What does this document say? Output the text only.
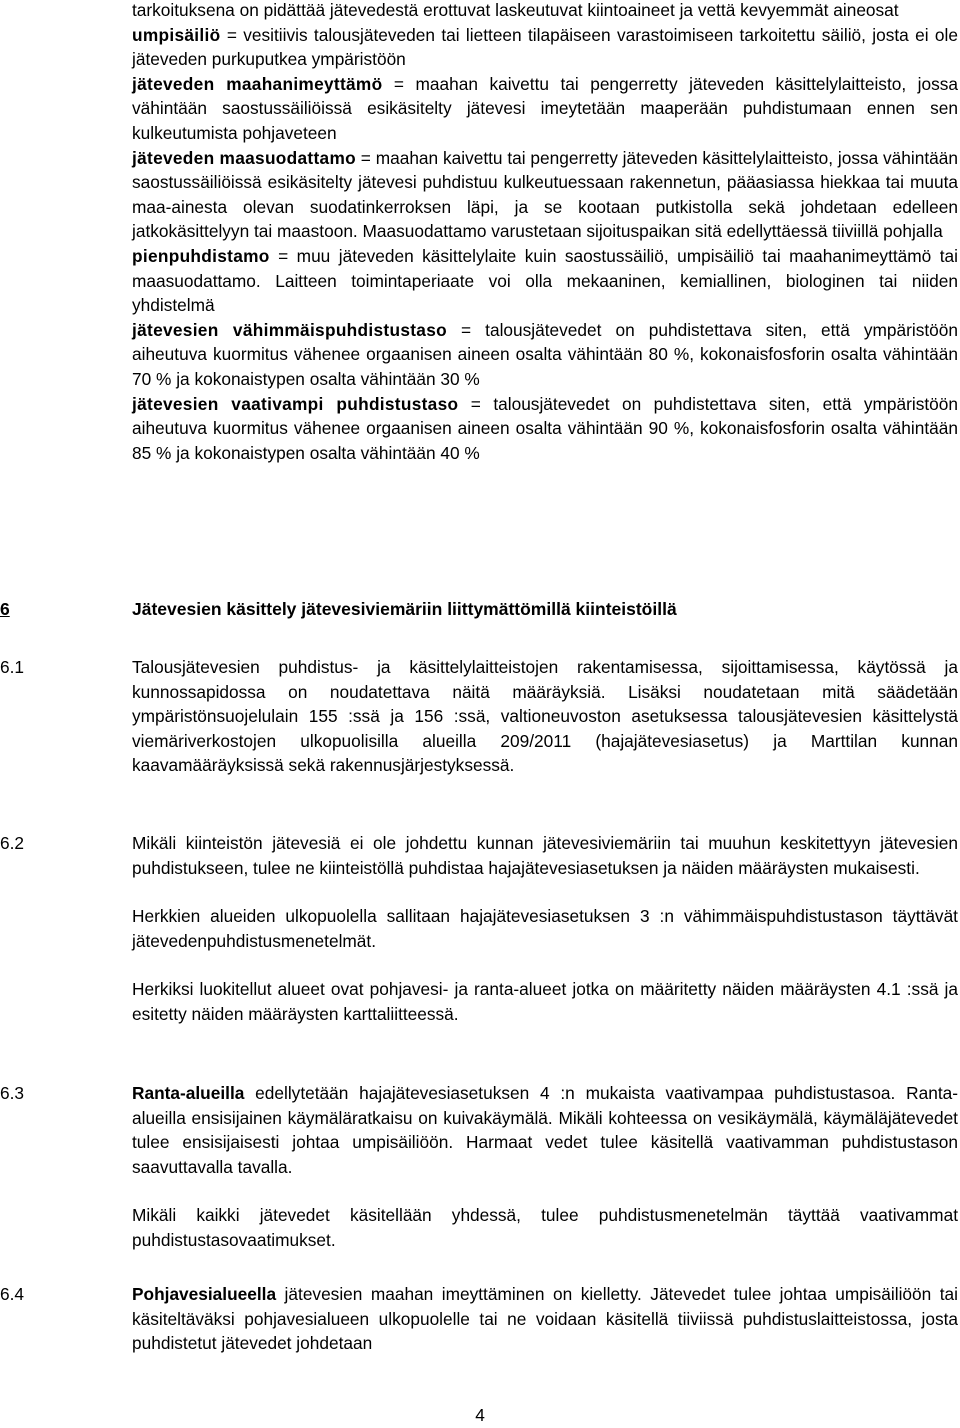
tarkoituksena on pidättää jätevedestä erottuvat laskeutuvat kiintoaineet ja vettä kevyemmät aineosat

umpisäiliö = vesitiivis talousjäteveden tai lietteen tilapäiseen varastoimiseen tarkoitettu säiliö, josta ei ole jäteveden purkuputkea ympäristöön

jäteveden maahanimeyttämö = maahan kaivettu tai pengerretty jäteveden käsittelylaitteisto, jossa vähintään saostussäiliöissä esikäsitelty jätevesi imeytetään maaperään puhdistumaan ennen sen kulkeutumista pohjaveteen

jäteveden maasuodattamo = maahan kaivettu tai pengerretty jäteveden käsittelylaitteisto, jossa vähintään saostussäiliöissä esikäsitelty jätevesi puhdistuu kulkeutuessaan rakennetun, pääasiassa hiekkaa tai muuta maa-ainesta olevan suodatinkerroksen läpi, ja se kootaan putkistolla sekä johdetaan edelleen jatkokäsittelyyn tai maastoon. Maasuodattamo varustetaan sijoituspaikan sitä edellyttäessä tiiviillä pohjalla

pienpuhdistamo = muu jäteveden käsittelylaite kuin saostussäiliö, umpisäiliö tai maahanimeyttämö tai maasuodattamo. Laitteen toimintaperiaate voi olla mekaaninen, kemiallinen, biologinen tai niiden yhdistelmä

jätevesien vähimmäispuhdistustaso = talousjätevedet on puhdistettava siten, että ympäristöön aiheutuva kuormitus vähenee orgaanisen aineen osalta vähintään 80 %, kokonaisfosforin osalta vähintään 70 % ja kokonaistypen osalta vähintään 30 %

jätevesien vaativampi puhdistustaso = talousjätevedet on puhdistettava siten, että ympäristöön aiheutuva kuormitus vähenee orgaanisen aineen osalta vähintään 90 %, kokonaisfosforin osalta vähintään 85 % ja kokonaistypen osalta vähintään 40 %

6	Jätevesien käsittely jätevesiviemäriin liittymättömillä kiinteistöillä
6.1	Talousjätevesien puhdistus- ja käsittelylaitteistojen rakentamisessa, sijoittamisessa, käytössä ja kunnossapidossa on noudatettava näitä määräyksiä. Lisäksi noudatetaan mitä säädetään ympäristönsuojelulain 155 :ssä ja 156 :ssä, valtioneuvoston asetuksessa talousjätevesien käsittelystä viemäriverkostojen ulkopuolisilla alueilla 209/2011 (hajajätevesiasetus) ja Marttilan kunnan kaavamääräyksissä sekä rakennusjärjestyksessä.

6.2	Mikäli kiinteistön jätevesiä ei ole johdettu kunnan jätevesiviemäriin tai muuhun keskitettyyn jätevesien puhdistukseen, tulee ne kiinteistöllä puhdistaa hajajätevesiasetuksen ja näiden määräysten mukaisesti.

Herkkien alueiden ulkopuolella sallitaan hajajätevesiasetuksen 3 :n vähimmäispuhdistustason täyttävät jätevedenpuhdistusmenetelmät.

Herkiksi luokitellut alueet ovat pohjavesi- ja ranta-alueet jotka on määritetty näiden määräysten 4.1 :ssä ja esitetty näiden määräysten karttaliitteessä.

6.3	Ranta-alueilla edellytetään hajajätevesiasetuksen 4 :n mukaista vaativampaa puhdistustasoa. Ranta-alueilla ensisijainen käymäläratkaisu on kuivakäymälä. Mikäli kohteessa on vesikäymälä, käymäläjätevedet tulee ensisijaisesti johtaa umpisäiliöön. Harmaat vedet tulee käsitellä vaativamman puhdistustason saavuttavalla tavalla.

Mikäli kaikki jätevedet käsitellään yhdessä, tulee puhdistusmenetelmän täyttää vaativammat puhdistustasovaatimukset.

6.4	Pohjavesialueella jätevesien maahan imeyttäminen on kielletty. Jätevedet tulee johtaa umpisäiliöön tai käsiteltäväksi pohjavesialueen ulkopuolelle tai ne voidaan käsitellä tiiviissä puhdistuslaitteistossa, josta puhdistetut jätevedet johdetaan

4
